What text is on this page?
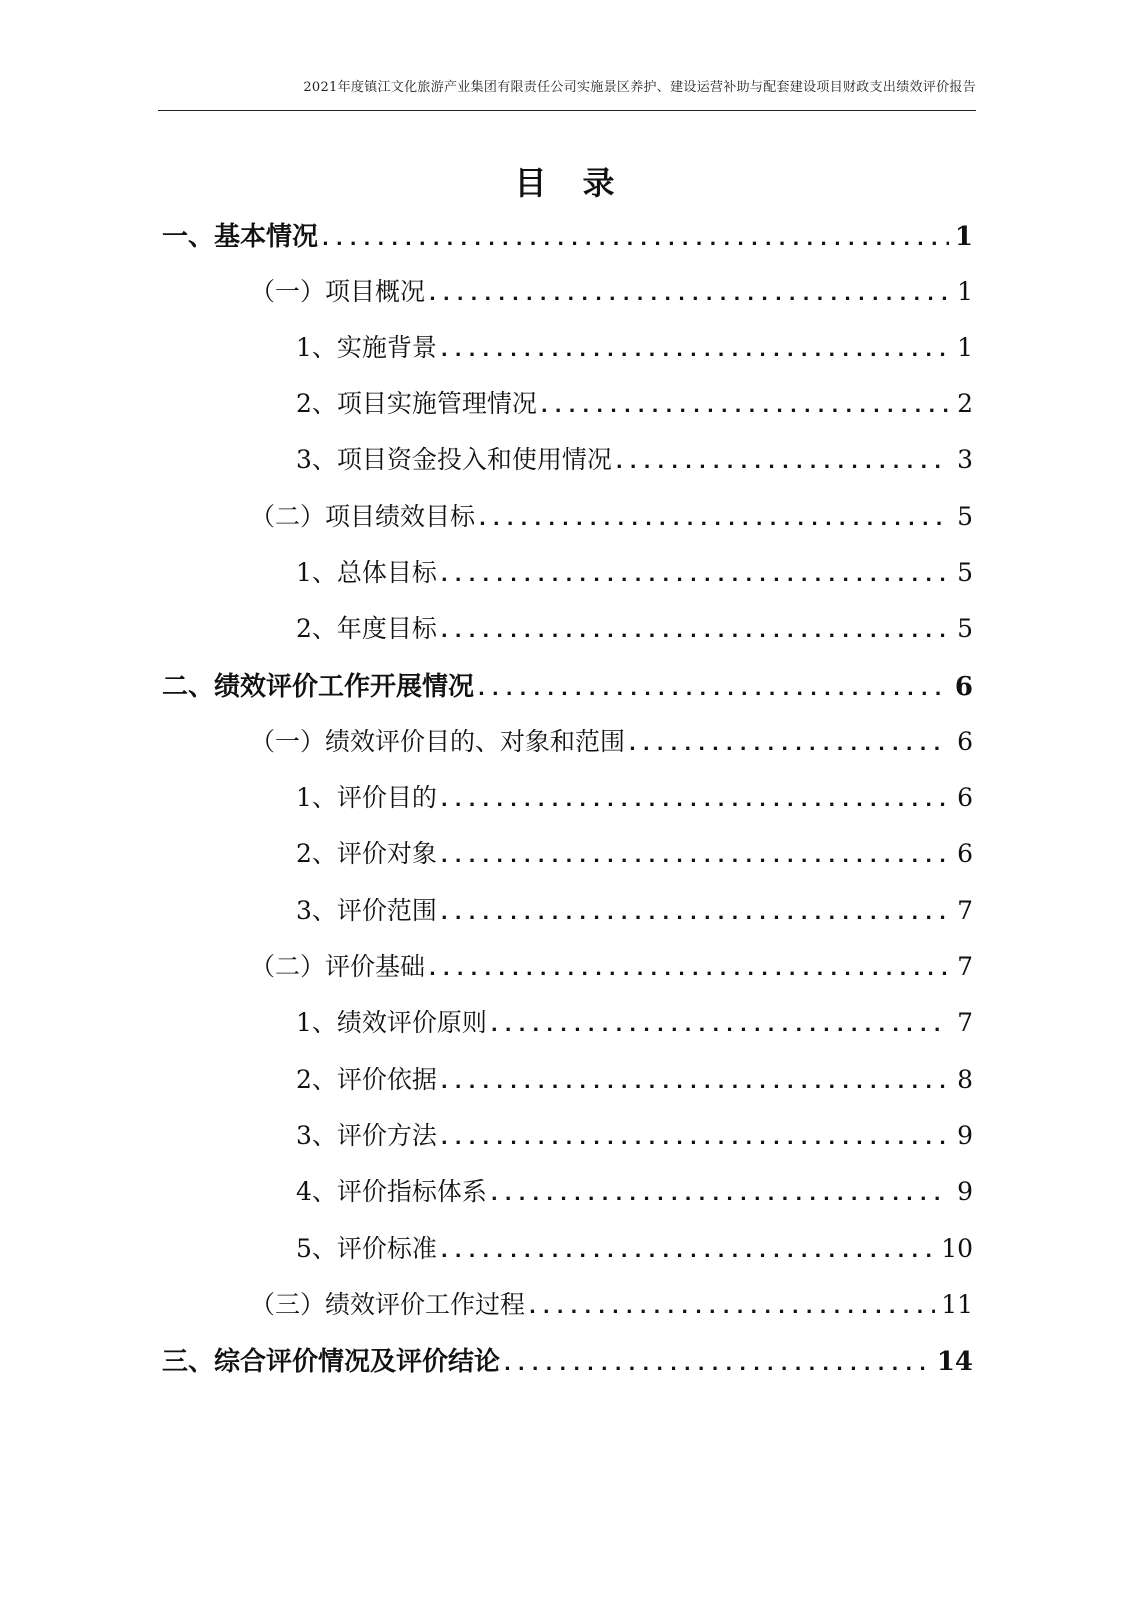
2021年度镇江文化旅游产业集团有限责任公司实施景区养护、建设运营补助与配套建设项目财政支出绩效评价报告
目　录
一、基本情况 .....	1
（一）项目概况 .....	1
1、实施背景 .....	1
2、项目实施管理情况 .....	2
3、项目资金投入和使用情况 .....	3
（二）项目绩效目标 .....	5
1、总体目标 .....	5
2、年度目标 .....	5
二、绩效评价工作开展情况 .....	6
（一）绩效评价目的、对象和范围 .....	6
1、评价目的 .....	6
2、评价对象 .....	6
3、评价范围 .....	7
（二）评价基础 .....	7
1、绩效评价原则 .....	7
2、评价依据 .....	8
3、评价方法 .....	9
4、评价指标体系 .....	9
5、评价标准 .....	10
（三）绩效评价工作过程 .....	11
三、综合评价情况及评价结论 .....	14
